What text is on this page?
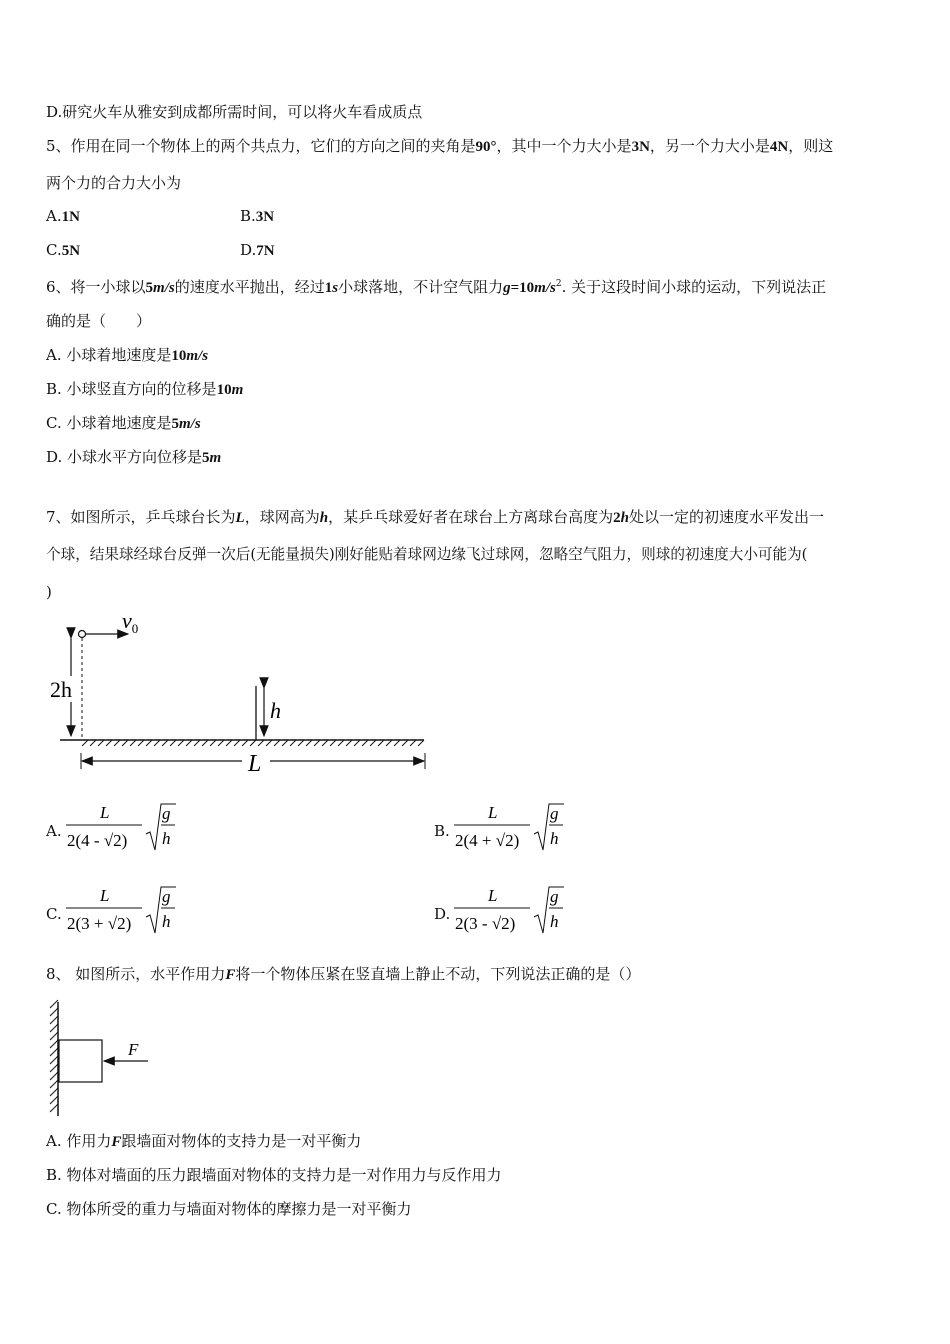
D.研究火车从雅安到成都所需时间，可以将火车看成质点
5、作用在同一个物体上的两个共点力，它们的方向之间的夹角是90°，其中一个力大小是3N，另一个力大小是4N，则这
两个力的合力大小为
A.1N	B.3N
C.5N	D.7N
6、将一小球以5m/s的速度水平抛出，经过1s小球落地，不计空气阻力$g=10m/s^2$. 关于这段时间小球的运动，下列说法正
确的是（　　）
A. 小球着地速度是10m/s
B. 小球竖直方向的位移是10m
C. 小球着地速度是5m/s
D. 小球水平方向位移是5m
7、如图所示，乒乓球台长为L，球网高为h，某乒乓球爱好者在球台上方离球台高度为2h处以一定的初速度水平发出一
个球，结果球经球台反弹一次后(无能量损失)刚好能贴着球网边缘飞过球网，忽略空气阻力，则球的初速度大小可能为(
)
$v_0$
2h
h
L
A.
L
2(4 - √2)
g
h	B.
L
2(4 + √2)
g
h
C.
L
2(3 + √2)
g
h	D.
L
2(3 - √2)
g
h
8、 如图所示，水平作用力F将一个物体压紧在竖直墙上静止不动，下列说法正确的是（）
F
A. 作用力F跟墙面对物体的支持力是一对平衡力
B. 物体对墙面的压力跟墙面对物体的支持力是一对作用力与反作用力
C. 物体所受的重力与墙面对物体的摩擦力是一对平衡力
